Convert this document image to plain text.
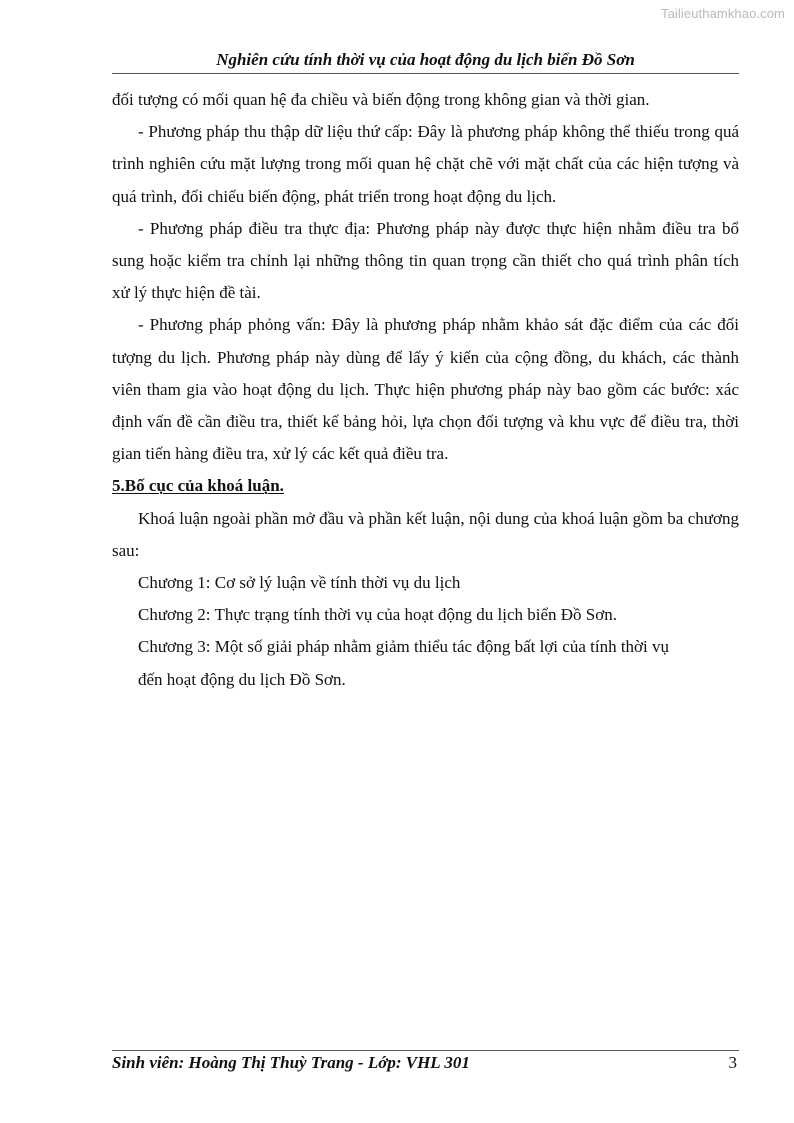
Tailieuthamkhao.com
Nghiên cứu tính thời vụ của hoạt động du lịch biển Đồ Sơn

đối tượng có mối quan hệ đa chiều và biến động trong không gian và thời gian.

- Phương pháp thu thập dữ liệu thứ cấp: Đây là phương pháp không thể thiếu trong quá trình nghiên cứu mặt lượng trong mối quan hệ chặt chẽ với mặt chất của các hiện tượng và quá trình, đối chiếu biến động, phát triển trong hoạt động du lịch.

- Phương pháp điều tra thực địa: Phương pháp này được thực hiện nhằm điều tra bổ sung hoặc kiểm tra chỉnh lại những thông tin quan trọng cần thiết cho quá trình phân tích xử lý thực hiện đề tài.

- Phương pháp phỏng vấn: Đây là phương pháp nhằm khảo sát đặc điểm của các đối tượng du lịch. Phương pháp này dùng để lấy ý kiến của cộng đồng, du khách, các thành viên tham gia vào hoạt động du lịch. Thực hiện phương pháp này bao gồm các bước: xác định vấn đề cần điều tra, thiết kế bảng hỏi, lựa chọn đối tượng và khu vực để điều tra, thời gian tiến hàng điều tra, xử lý các kết quả điều tra.

5.Bố cục của khoá luận.

Khoá luận ngoài phần mở đầu và phần kết luận, nội dung của khoá luận gồm ba chương sau:

Chương 1: Cơ sở lý luận về tính thời vụ du lịch

Chương 2: Thực trạng tính thời vụ của hoạt động du lịch biển Đồ Sơn.

Chương 3: Một số giải pháp nhằm giảm thiểu tác động bất lợi của tính thời vụ

đến hoạt động du lịch Đồ Sơn.

Sinh viên: Hoàng Thị Thuỳ Trang - Lớp: VHL 301	3
